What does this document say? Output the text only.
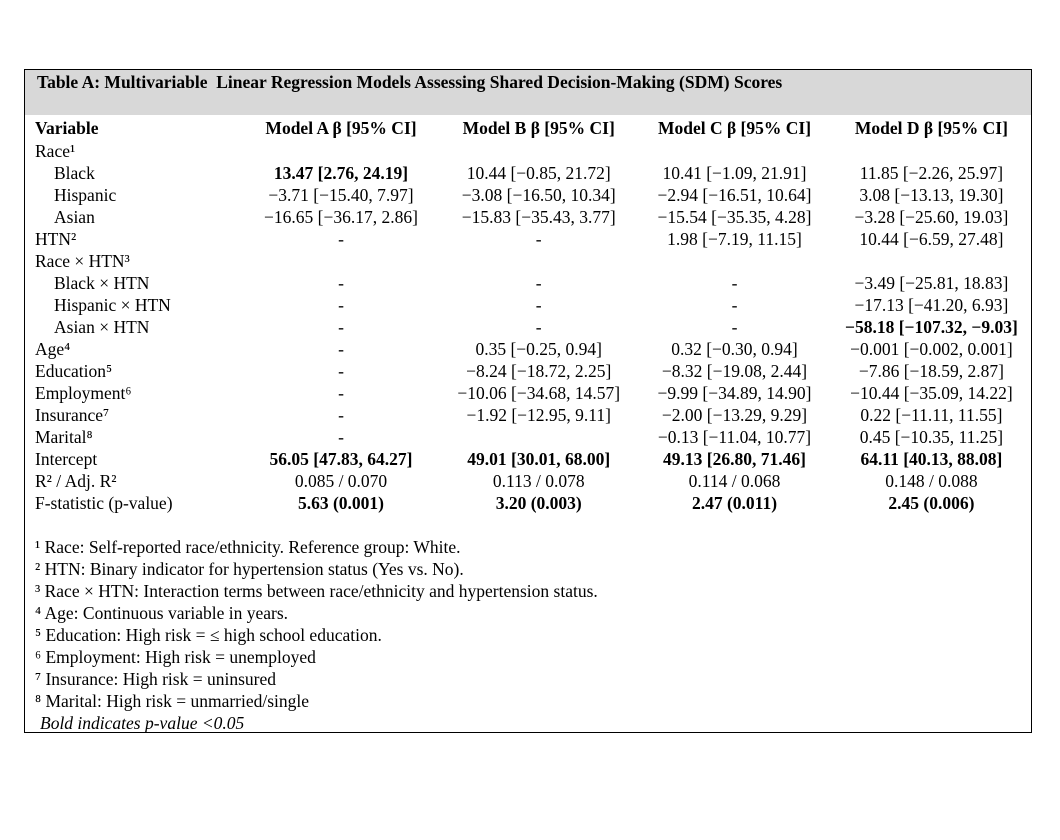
Table A: Multivariable  Linear Regression Models Assessing Shared Decision-Making (SDM) Scores
Variable	Model A β [95% CI]	Model B β [95% CI]	Model C β [95% CI]	Model D β [95% CI]
Race¹				
Black	13.47 [2.76, 24.19]	10.44 [−0.85, 21.72]	10.41 [−1.09, 21.91]	11.85 [−2.26, 25.97]
Hispanic	−3.71 [−15.40, 7.97]	−3.08 [−16.50, 10.34]	−2.94 [−16.51, 10.64]	3.08 [−13.13, 19.30]
Asian	−16.65 [−36.17, 2.86]	−15.83 [−35.43, 3.77]	−15.54 [−35.35, 4.28]	−3.28 [−25.60, 19.03]
HTN²	-	-	1.98 [−7.19, 11.15]	10.44 [−6.59, 27.48]
Race × HTN³				
Black × HTN	-	-	-	−3.49 [−25.81, 18.83]
Hispanic × HTN	-	-	-	−17.13 [−41.20, 6.93]
Asian × HTN	-	-	-	−58.18 [−107.32, −9.03]
Age⁴	-	0.35 [−0.25, 0.94]	0.32 [−0.30, 0.94]	−0.001 [−0.002, 0.001]
Education⁵	-	−8.24 [−18.72, 2.25]	−8.32 [−19.08, 2.44]	−7.86 [−18.59, 2.87]
Employment⁶	-	−10.06 [−34.68, 14.57]	−9.99 [−34.89, 14.90]	−10.44 [−35.09, 14.22]
Insurance⁷	-	−1.92 [−12.95, 9.11]	−2.00 [−13.29, 9.29]	0.22 [−11.11, 11.55]
Marital⁸	-		−0.13 [−11.04, 10.77]	0.45 [−10.35, 11.25]
Intercept	56.05 [47.83, 64.27]	49.01 [30.01, 68.00]	49.13 [26.80, 71.46]	64.11 [40.13, 88.08]
R² / Adj. R²	0.085 / 0.070	0.113 / 0.078	0.114 / 0.068	0.148 / 0.088
F-statistic (p-value)	5.63 (0.001)	3.20 (0.003)	2.47 (0.011)	2.45 (0.006)
¹ Race: Self-reported race/ethnicity. Reference group: White.
² HTN: Binary indicator for hypertension status (Yes vs. No).
³ Race × HTN: Interaction terms between race/ethnicity and hypertension status.
⁴ Age: Continuous variable in years.
⁵ Education: High risk = ≤ high school education.
⁶ Employment: High risk = unemployed
⁷ Insurance: High risk = uninsured
⁸ Marital: High risk = unmarried/single
Bold indicates p-value <0.05
